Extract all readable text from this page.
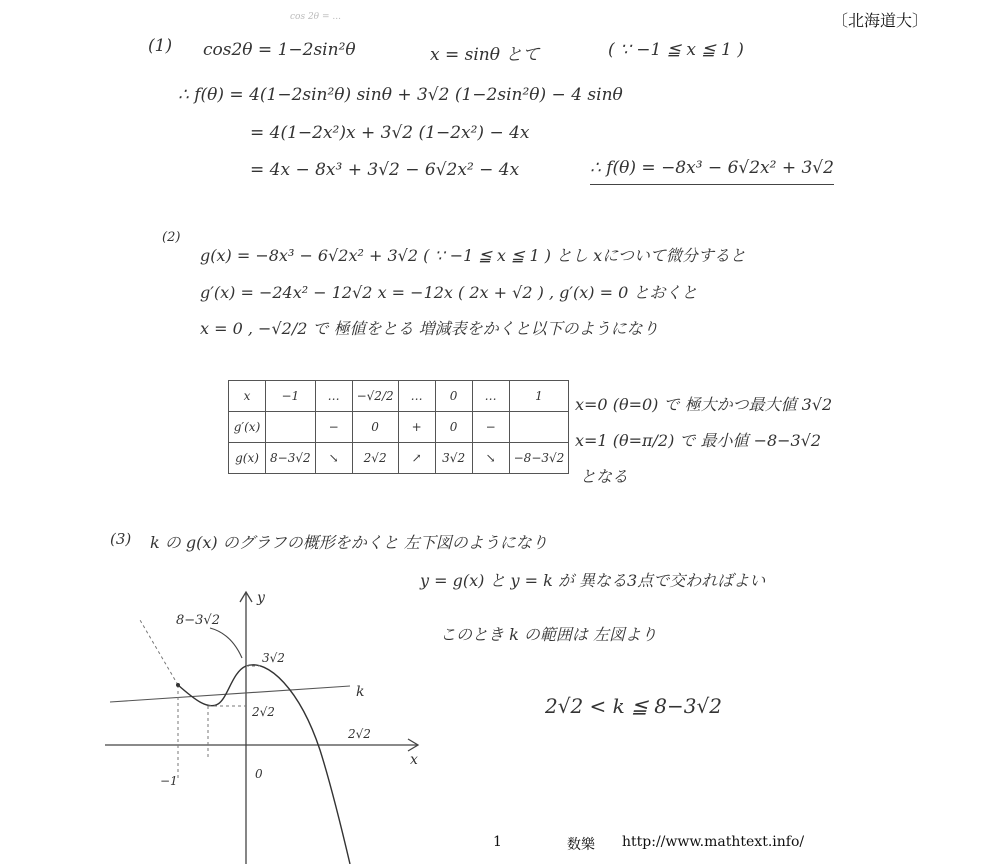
〔北海道大〕
cos 2θ = ...
(1) cos2θ = 1−2sin²θ	x = sinθ とて	( ∵ −1 ≦ x ≦ 1 )
∴ f(θ) = 4(1−2sin²θ) sinθ + 3√2 (1−2sin²θ) − 4 sinθ
= 4(1−2x²)x + 3√2 (1−2x²) − 4x
= 4x − 8x³ + 3√2 − 6√2x² − 4x	∴ f(θ) = −8x³ − 6√2x² + 3√2
(2)
g(x) = −8x³ − 6√2x² + 3√2 ( ∵ −1 ≦ x ≦ 1 ) とし xについて微分すると
g′(x) = −24x² − 12√2 x = −12x ( 2x + √2 ) , g′(x) = 0 とおくと
x = 0 , −√2/2 で 極値をとる 増減表をかくと以下のようになり
x	−1	…	−√2/2	…	0	…	1
g′(x)		−	0	+	0	−	
g(x)	8−3√2	↘	2√2	↗	3√2	↘	−8−3√2
x=0 (θ=0) で 極大かつ最大値 3√2
x=1 (θ=π/2) で 最小値 −8−3√2
となる
(3) k の g(x) のグラフの概形をかくと 左下図のようになり
y = g(x) と y = k が 異なる3点で交わればよい
このとき k の範囲は 左図より
2√2 < k ≦ 8−3√2
8−3√2
y
3√2
2√2
k
2√2
x
0
−1
1	数樂 http://www.mathtext.info/
